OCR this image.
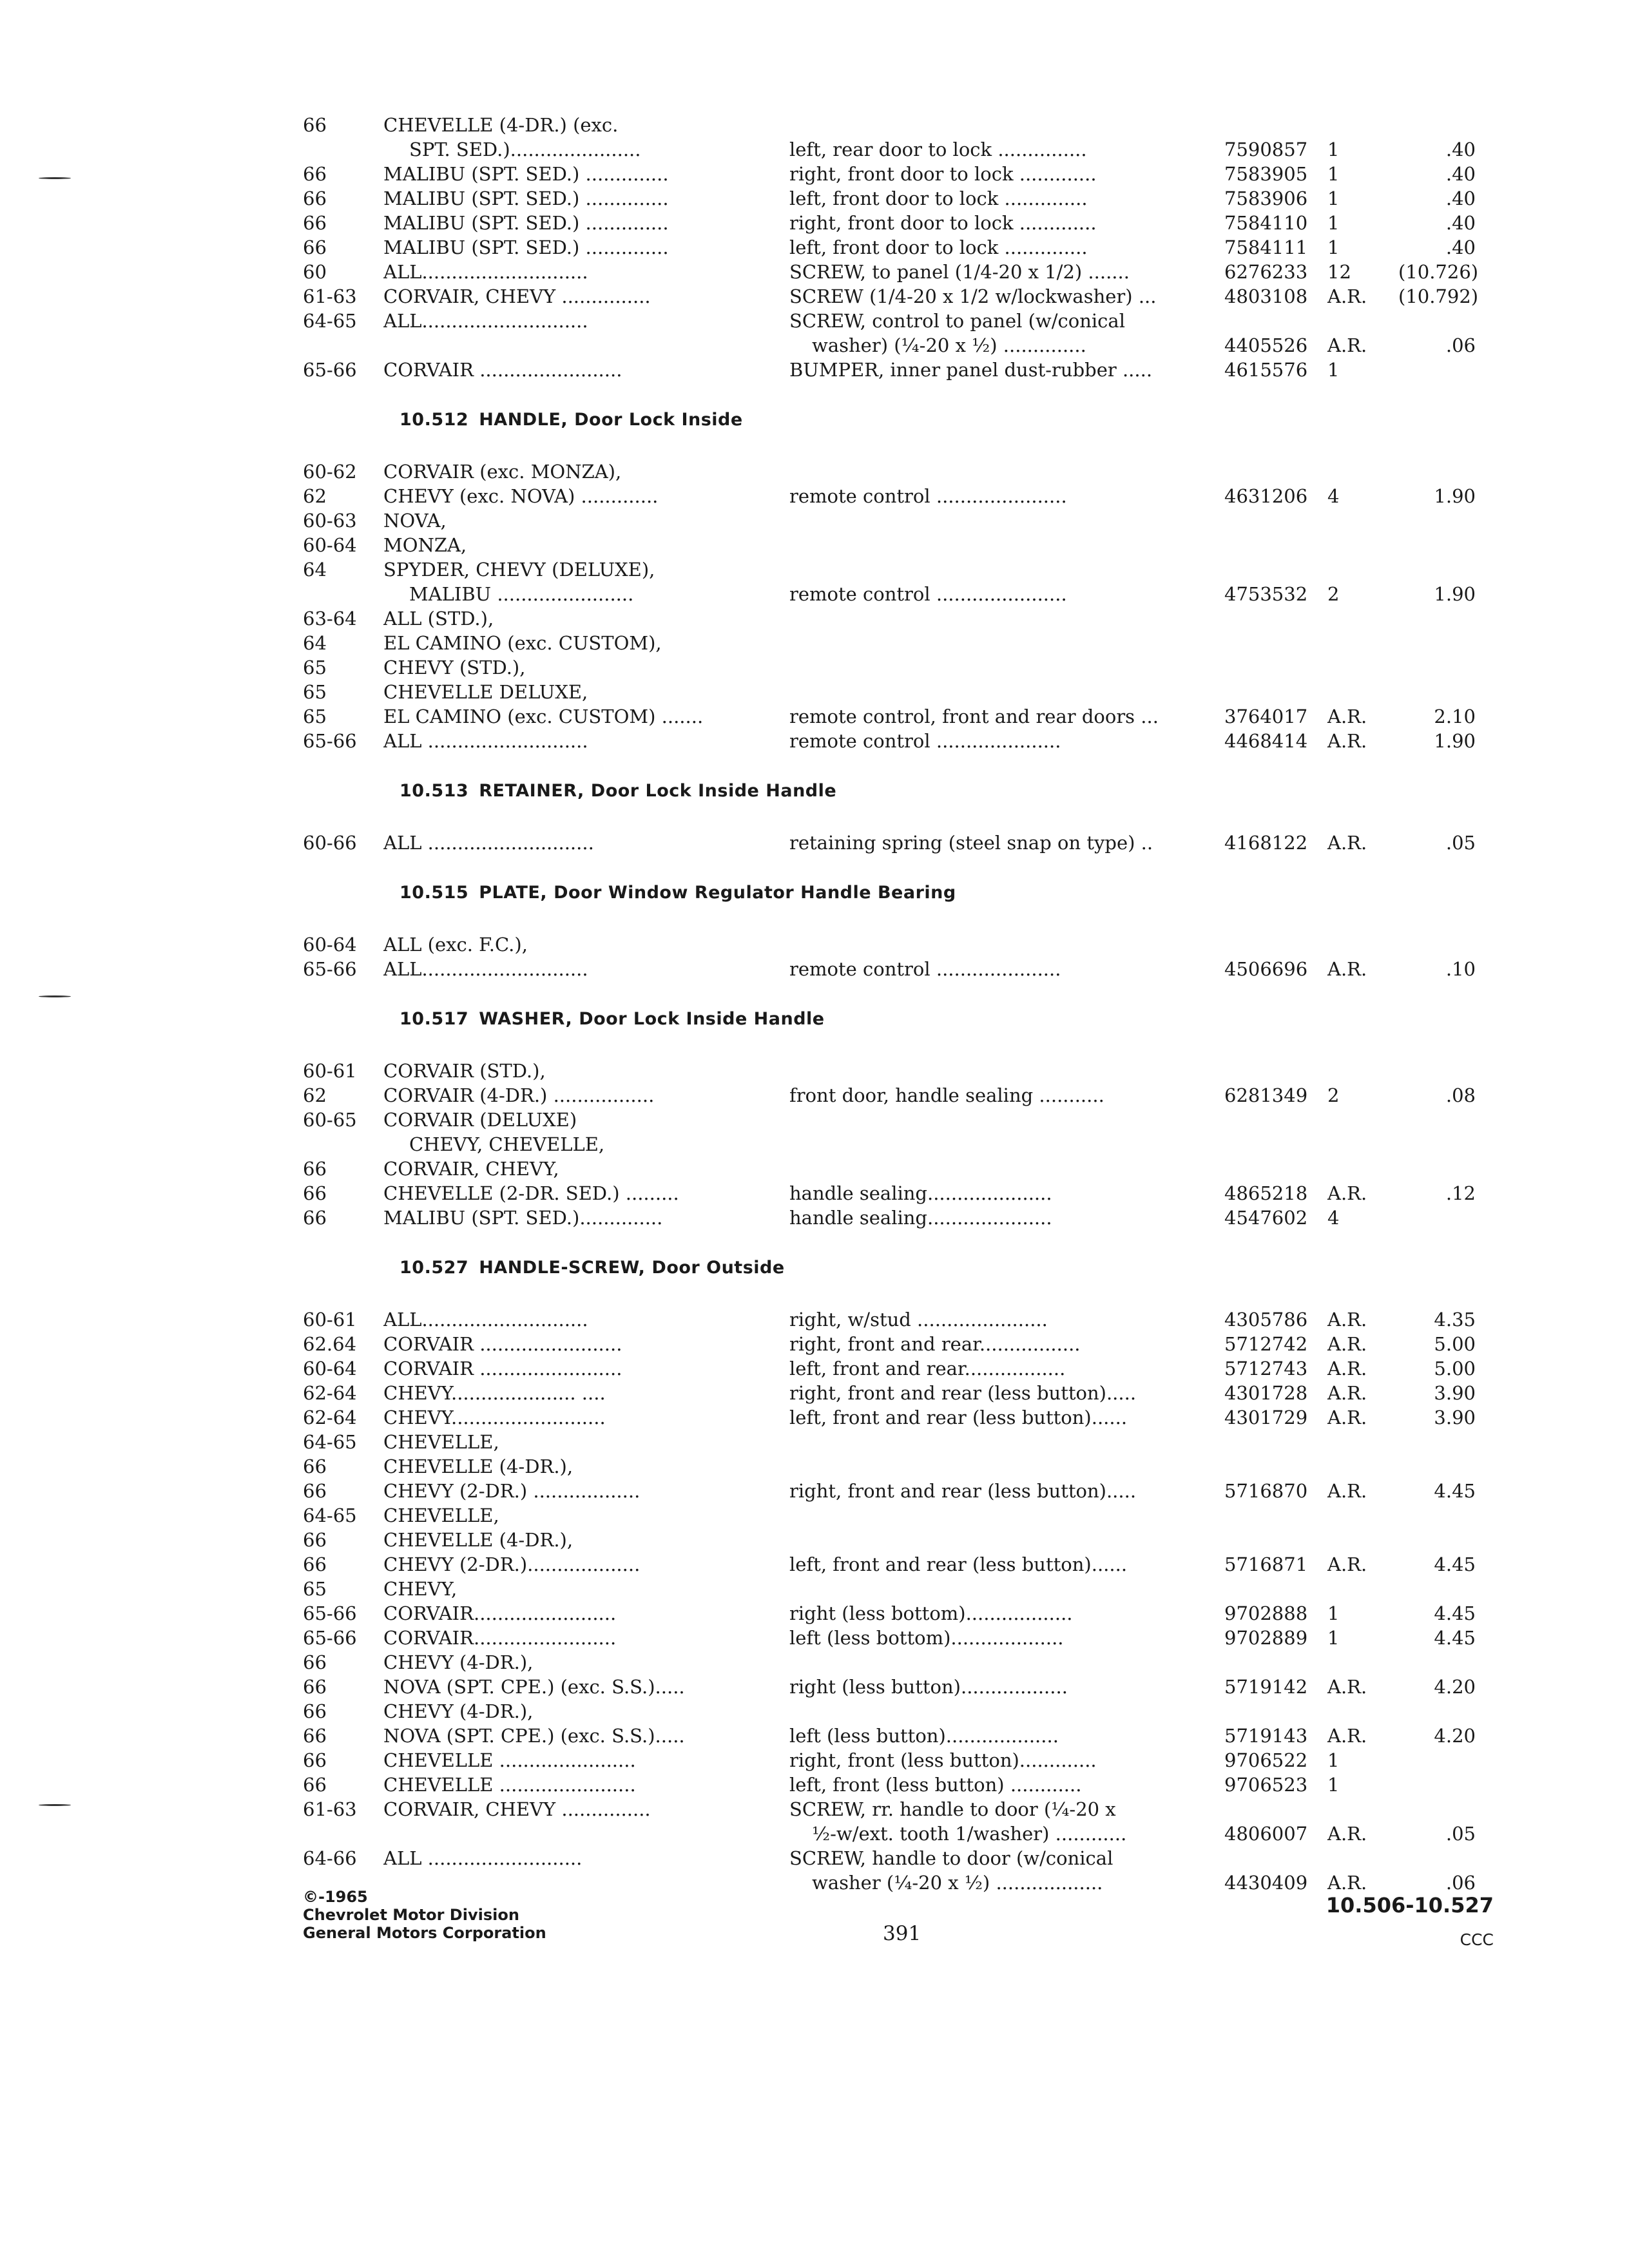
66	CHEVELLE (4-DR.) (exc.
SPT. SED.)......................	left, rear door to lock ...............	7590857 1	.40
66	MALIBU (SPT. SED.) ..............	right, front door to lock .............	7583905 1	.40
66	MALIBU (SPT. SED.) ..............	left, front door to lock ..............	7583906 1	.40
66	MALIBU (SPT. SED.) ..............	right, front door to lock .............	7584110 1	.40
66	MALIBU (SPT. SED.) ..............	left, front door to lock ..............	7584111 1	.40
60	ALL............................	SCREW, to panel (1/4-20 x 1/2) .......	6276233 12	(10.726)
61-63	CORVAIR, CHEVY ...............	SCREW (1/4-20 x 1/2 w/lockwasher) ...	4803108 A.R. (10.792)
64-65	ALL............................	SCREW, control to panel (w/conical
washer) (¼-20 x ½) ..............	4405526 A.R.	.06
65-66	CORVAIR ........................	BUMPER, inner panel dust-rubber .....	4615576 1
10.512 HANDLE, Door Lock Inside
60-62	CORVAIR (exc. MONZA),
62	CHEVY (exc. NOVA) .............	remote control ......................	4631206 4	1.90
60-63	NOVA,
60-64	MONZA,
64	SPYDER, CHEVY (DELUXE),
MALIBU .......................	remote control ......................	4753532 2	1.90
63-64	ALL (STD.),
64	EL CAMINO (exc. CUSTOM),
65	CHEVY (STD.),
65	CHEVELLE DELUXE,
65	EL CAMINO (exc. CUSTOM) .......	remote control, front and rear doors ...	3764017 A.R.	2.10
65-66	ALL ...........................	remote control .....................	4468414 A.R.	1.90
10.513 RETAINER, Door Lock Inside Handle
60-66	ALL ............................	retaining spring (steel snap on type) ..	4168122 A.R.	.05
10.515 PLATE, Door Window Regulator Handle Bearing
60-64	ALL (exc. F.C.),
65-66	ALL............................	remote control .....................	4506696 A.R.	.10
10.517 WASHER, Door Lock Inside Handle
60-61	CORVAIR (STD.),
62	CORVAIR (4-DR.) .................	front door, handle sealing ...........	6281349 2	.08
60-65	CORVAIR (DELUXE)
CHEVY, CHEVELLE,
66	CORVAIR, CHEVY,
66	CHEVELLE (2-DR. SED.) .........	handle sealing.....................	4865218 A.R.	.12
66	MALIBU (SPT. SED.)..............	handle sealing.....................	4547602 4
10.527 HANDLE-SCREW, Door Outside
60-61	ALL............................	right, w/stud ......................	4305786 A.R.	4.35
62.64	CORVAIR ........................	right, front and rear.................	5712742 A.R.	5.00
60-64	CORVAIR ........................	left, front and rear.................	5712743 A.R.	5.00
62-64	CHEVY..................... ....	right, front and rear (less button).....	4301728 A.R.	3.90
62-64	CHEVY..........................	left, front and rear (less button)......	4301729 A.R.	3.90
64-65	CHEVELLE,
66	CHEVELLE (4-DR.),
66	CHEVY (2-DR.) ..................	right, front and rear (less button).....	5716870 A.R.	4.45
64-65	CHEVELLE,
66	CHEVELLE (4-DR.),
66	CHEVY (2-DR.)...................	left, front and rear (less button)......	5716871 A.R.	4.45
65	CHEVY,
65-66	CORVAIR........................	right (less bottom)..................	9702888 1	4.45
65-66	CORVAIR........................	left (less bottom)...................	9702889 1	4.45
66	CHEVY (4-DR.),
66	NOVA (SPT. CPE.) (exc. S.S.).....	right (less button)..................	5719142 A.R.	4.20
66	CHEVY (4-DR.),
66	NOVA (SPT. CPE.) (exc. S.S.).....	left (less button)...................	5719143 A.R.	4.20
66	CHEVELLE .......................	right, front (less button).............	9706522 1
66	CHEVELLE .......................	left, front (less button) ............	9706523 1
61-63	CORVAIR, CHEVY ...............	SCREW, rr. handle to door (¼-20 x
½-w/ext. tooth 1/washer) ............	4806007 A.R.	.05
64-66	ALL ..........................	SCREW, handle to door (w/conical
washer (¼-20 x ½) ..................	4430409 A.R.	.06
©-1965
Chevrolet Motor Division
General Motors Corporation	391
10.506-10.527
CCC
